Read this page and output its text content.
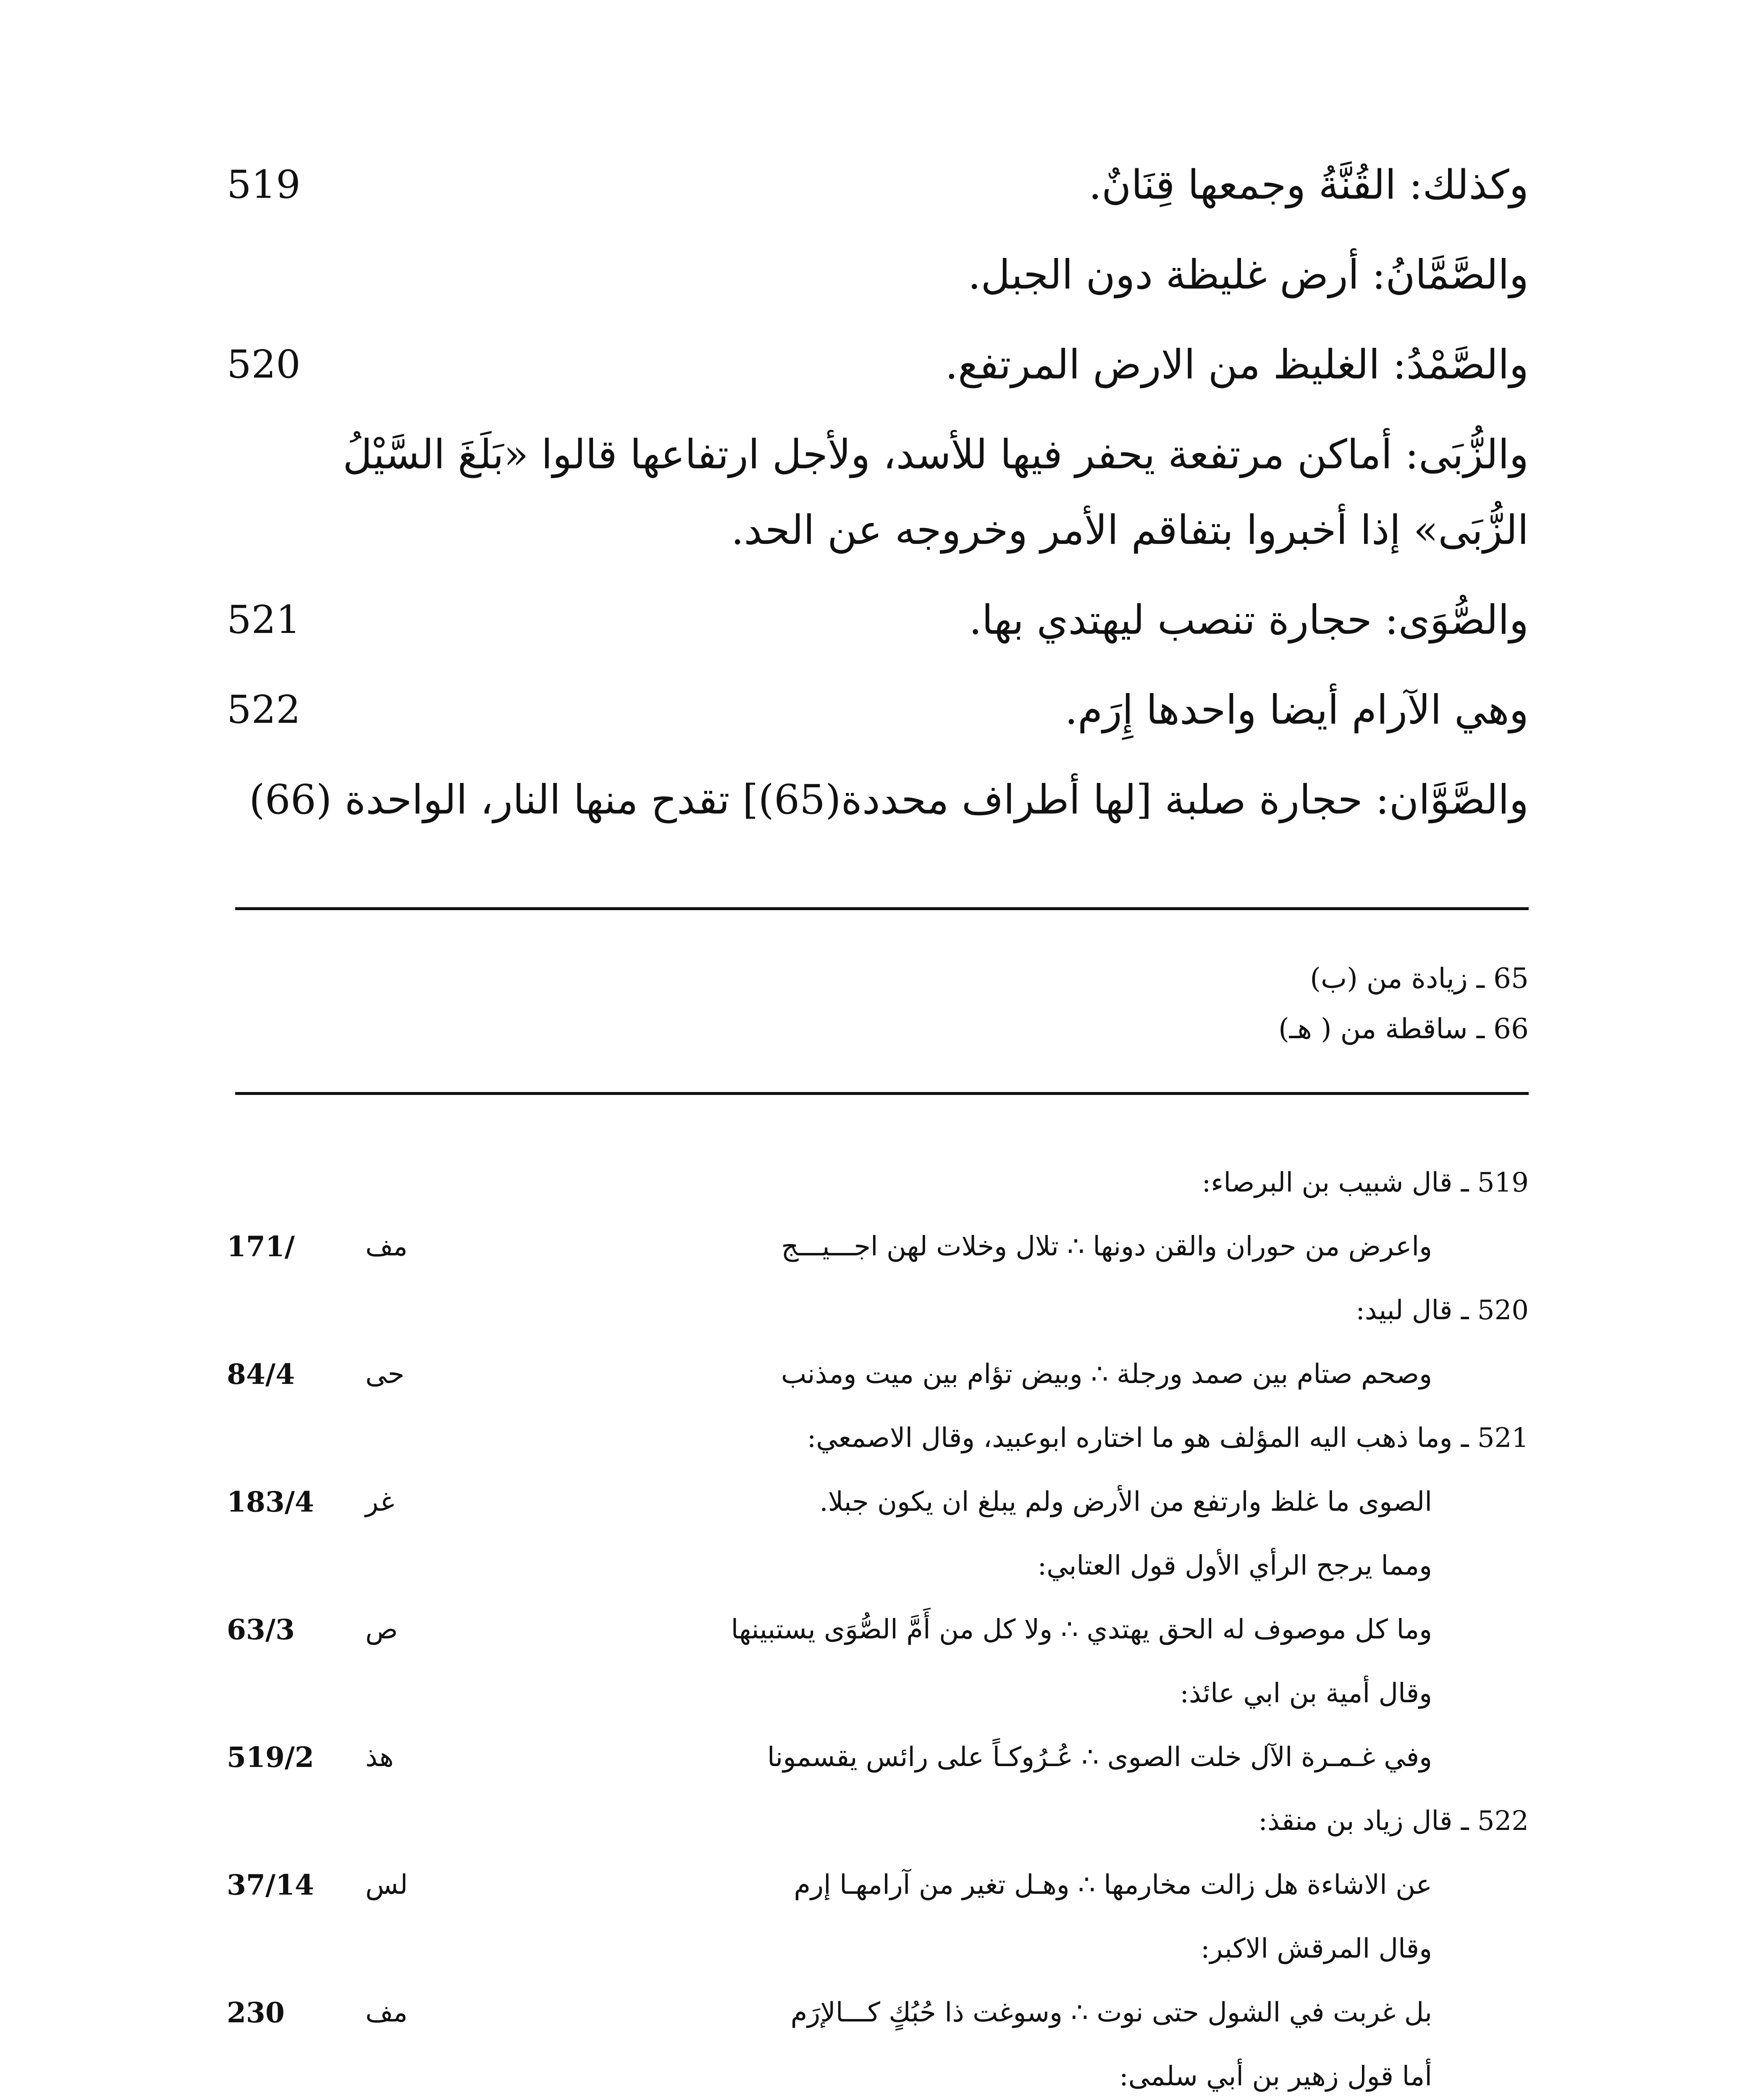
وكذلك: القُنَّةُ وجمعها قِنَانٌ.
519
والصَّمَّانُ: أرض غليظة دون الجبل.
والصَّمْدُ: الغليظ من الارض المرتفع.
520
والزُّبَى: أماكن مرتفعة يحفر فيها للأسد، ولأجل ارتفاعها قالوا «بَلَغَ السَّيْلُ
الزُّبَى» إذا أخبروا بتفاقم الأمر وخروجه عن الحد.
والصُّوَى: حجارة تنصب ليهتدي بها.
521
وهي الآرام أيضا واحدها إِرَم.
522
والصَّوَّان: حجارة صلبة [لها أطراف محددة(65)] تقدح منها النار، الواحدة (66)
65 ـ زيادة من (ب)
66 ـ ساقطة من ( هـ)
519 ـ قال شبيب بن البرصاء:
واعرض من حوران والقن دونها ∴ تلال وخلات لهن اجـــيـــج
مف
171/
520 ـ قال لبيد:
وصحم صتام بين صمد ورجلة ∴ وبيض تؤام بين ميت ومذنب
حى
84/4
521 ـ وما ذهب اليه المؤلف هو ما اختاره ابوعبيد، وقال الاصمعي:
الصوى ما غلظ وارتفع من الأرض ولم يبلغ ان يكون جبلا.
غر
183/4
ومما يرجح الرأي الأول قول العتابي:
وما كل موصوف له الحق يهتدي ∴ ولا كل من أَمَّ الصُّوَى يستبينها
ص
63/3
وقال أمية بن ابي عائذ:
وفي غـمـرة الآل خلت الصوى ∴ عُـرُوكـاً على رائس يقسمونا
هذ
519/2
522 ـ قال زياد بن منقذ:
عن الاشاءة هل زالت مخارمها ∴ وهـل تغير من آرامهـا إرم
لس
37/14
وقال المرقش الاكبر:
بل غربت في الشول حتى نوت ∴ وسوغت ذا حُبُكٍ كـــالإرَم
مف
230
أما قول زهير بن أبي سلمى:
